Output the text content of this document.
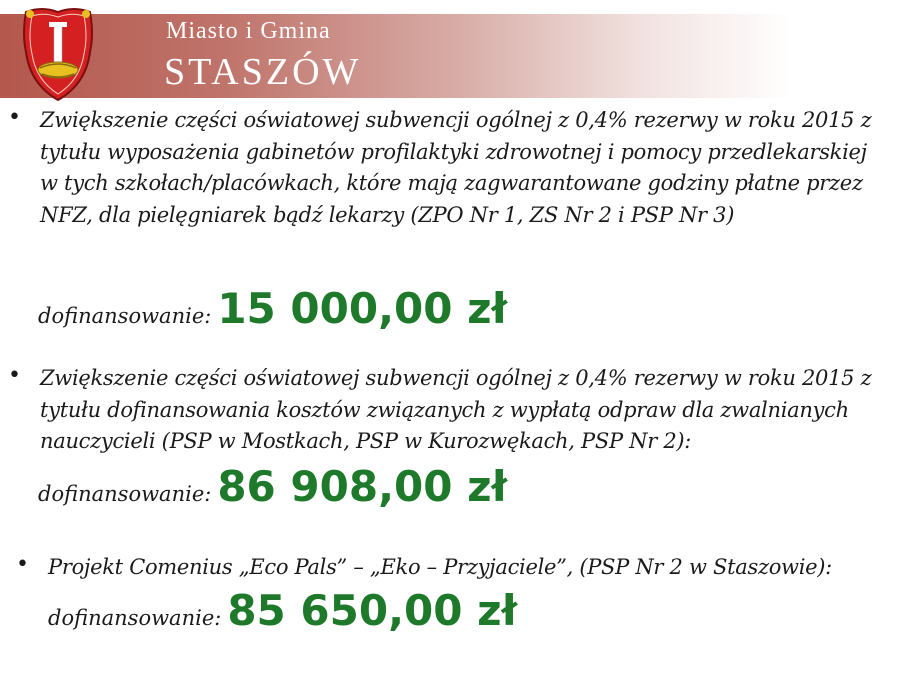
Miasto i Gmina
STASZÓW
• Zwiększenie części oświatowej subwencji ogólnej z 0,4% rezerwy w roku 2015 z tytułu wyposażenia gabinetów profilaktyki zdrowotnej i pomocy przedlekarskiej w tych szkołach/placówkach, które mają zagwarantowane godziny płatne przez NFZ, dla pielęgniarek bądź lekarzy (ZPO Nr 1, ZS Nr 2 i PSP Nr 3)
dofinansowanie: 15 000,00 zł
• Zwiększenie części oświatowej subwencji ogólnej z 0,4% rezerwy w roku 2015 z tytułu dofinansowania kosztów związanych z wypłatą odpraw dla zwalnianych nauczycieli (PSP w Mostkach, PSP w Kurozwękach, PSP Nr 2):
dofinansowanie: 86 908,00 zł
• Projekt Comenius „Eco Pals” – „Eko – Przyjaciele”, (PSP Nr 2 w Staszowie):
dofinansowanie: 85 650,00 zł
